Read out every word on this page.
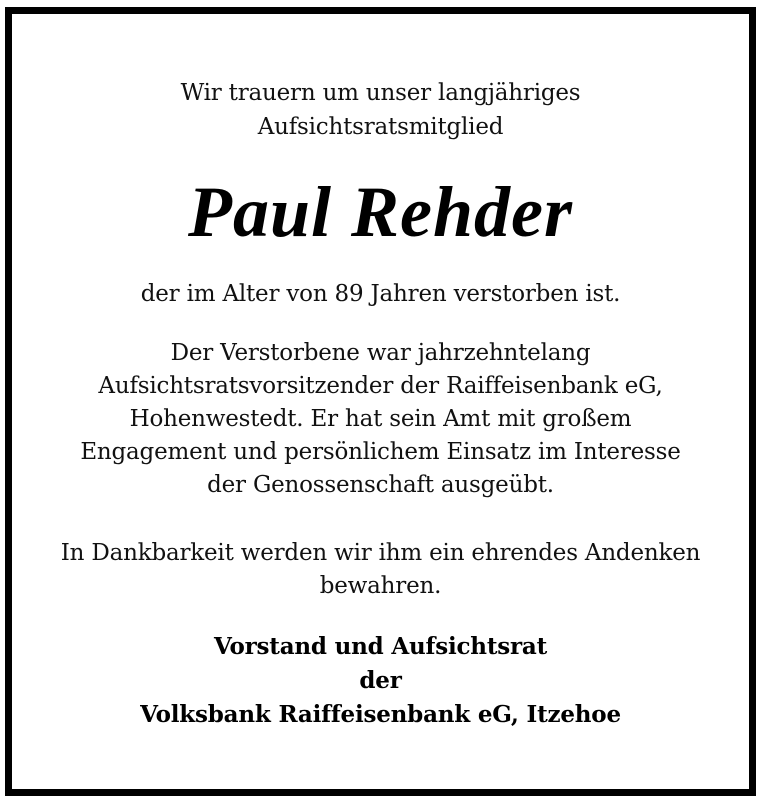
Wir trauern um unser langjähriges
Aufsichtsratsmitglied
Paul Rehder
der im Alter von 89 Jahren verstorben ist.
Der Verstorbene war jahrzehntelang
Aufsichtsratsvorsitzender der Raiffeisenbank eG,
Hohenwestedt. Er hat sein Amt mit großem
Engagement und persönlichem Einsatz im Interesse
der Genossenschaft ausgeübt.
In Dankbarkeit werden wir ihm ein ehrendes Andenken
bewahren.
Vorstand und Aufsichtsrat
der
Volksbank Raiffeisenbank eG, Itzehoe
